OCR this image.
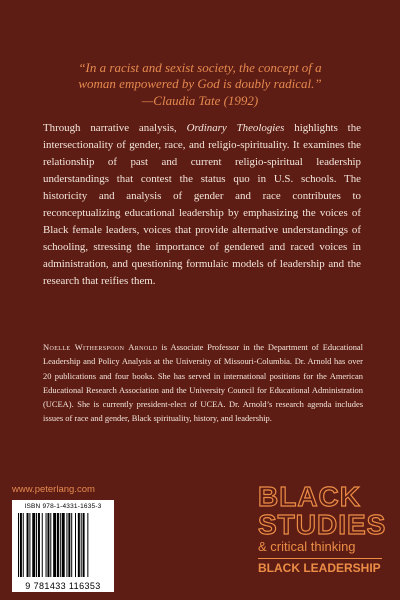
“In a racist and sexist society, the concept of a
woman empowered by God is doubly radical.”
—Claudia Tate (1992)

Through narrative analysis, Ordinary Theologies highlights the intersectionality of gender, race, and religio-spirituality. It examines the relationship of past and current religio-spiritual leadership understandings that contest the status quo in U.S. schools. The historicity and analysis of gender and race contributes to reconceptualizing educational leadership by emphasizing the voices of Black female leaders, voices that provide alternative understandings of schooling, stressing the importance of gendered and raced voices in administration, and questioning formulaic models of leadership and the research that reifies them.

Noelle Witherspoon Arnold is Associate Professor in the Department of Educational Leadership and Policy Analysis at the University of Missouri-Columbia. Dr. Arnold has over 20 publications and four books. She has served in international positions for the American Educational Research Association and the University Council for Educational Administration (UCEA). She is currently president-elect of UCEA. Dr. Arnold’s research agenda includes issues of race and gender, Black spirituality, history, and leadership.

www.peterlang.com
ISBN 978-1-4331-1635-3
9 781433 116353
BLACK
STUDIES
& critical thinking
BLACK LEADERSHIP
